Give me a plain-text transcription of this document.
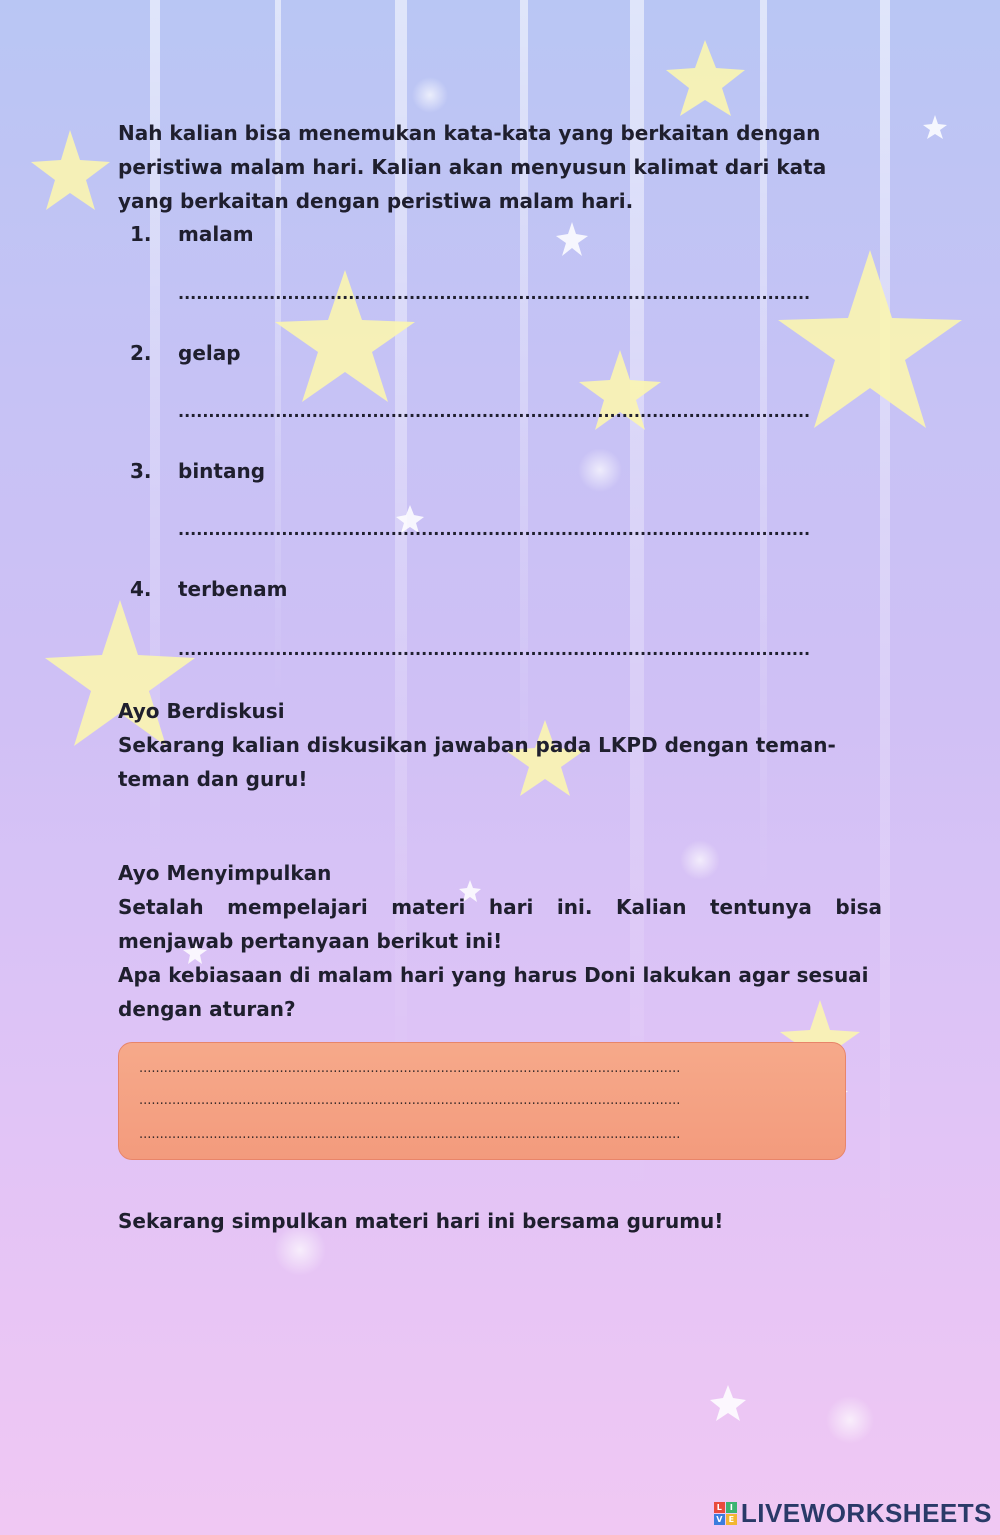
Nah kalian bisa menemukan kata-kata yang berkaitan dengan peristiwa malam hari. Kalian akan menyusun kalimat dari kata yang berkaitan dengan peristiwa malam hari.

1. malam
........................................................................................................
2. gelap
........................................................................................................
3. bintang
........................................................................................................
4. terbenam
........................................................................................................
Ayo Berdiskusi
Sekarang kalian diskusikan jawaban pada LKPD dengan teman-teman dan guru!
Ayo Menyimpulkan
Setalah mempelajari materi hari ini. Kalian tentunya bisa menjawab pertanyaan berikut ini!
Apa kebiasaan di malam hari yang harus Doni lakukan agar sesuai dengan aturan?
...................................................................................................................................
...................................................................................................................................
...................................................................................................................................
Sekarang simpulkan materi hari ini bersama gurumu!
L I
V E LIVEWORKSHEETS
